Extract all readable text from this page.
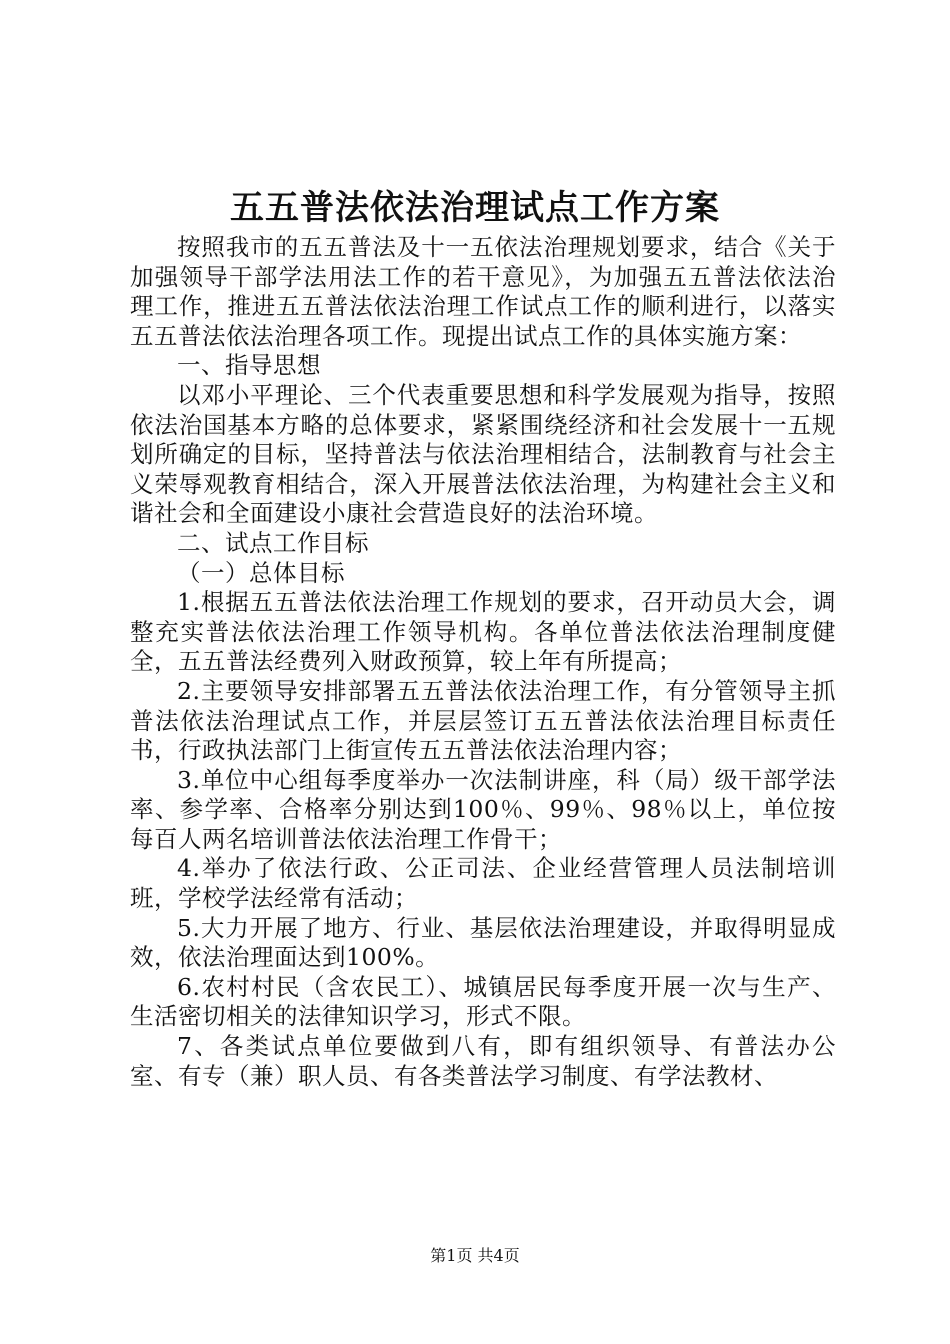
五五普法依法治理试点工作方案

按照我市的五五普法及十一五依法治理规划要求，结合《关于加强领导干部学法用法工作的若干意见》，为加强五五普法依法治理工作，推进五五普法依法治理工作试点工作的顺利进行，以落实五五普法依法治理各项工作。现提出试点工作的具体实施方案：

一、指导思想

以邓小平理论、三个代表重要思想和科学发展观为指导，按照依法治国基本方略的总体要求，紧紧围绕经济和社会发展十一五规划所确定的目标，坚持普法与依法治理相结合，法制教育与社会主义荣辱观教育相结合，深入开展普法依法治理，为构建社会主义和谐社会和全面建设小康社会营造良好的法治环境。

二、试点工作目标

（一）总体目标

1.根据五五普法依法治理工作规划的要求，召开动员大会，调整充实普法依法治理工作领导机构。各单位普法依法治理制度健全，五五普法经费列入财政预算，较上年有所提高；

2.主要领导安排部署五五普法依法治理工作，有分管领导主抓普法依法治理试点工作，并层层签订五五普法依法治理目标责任书，行政执法部门上街宣传五五普法依法治理内容；

3.单位中心组每季度举办一次法制讲座，科（局）级干部学法率、参学率、合格率分别达到100％、99％、98％以上，单位按每百人两名培训普法依法治理工作骨干；

4.举办了依法行政、公正司法、企业经营管理人员法制培训班，学校学法经常有活动；

5.大力开展了地方、行业、基层依法治理建设，并取得明显成效，依法治理面达到100%。

6.农村村民（含农民工）、城镇居民每季度开展一次与生产、生活密切相关的法律知识学习，形式不限。

7、各类试点单位要做到八有，即有组织领导、有普法办公室、有专（兼）职人员、有各类普法学习制度、有学法教材、

第1页 共4页
